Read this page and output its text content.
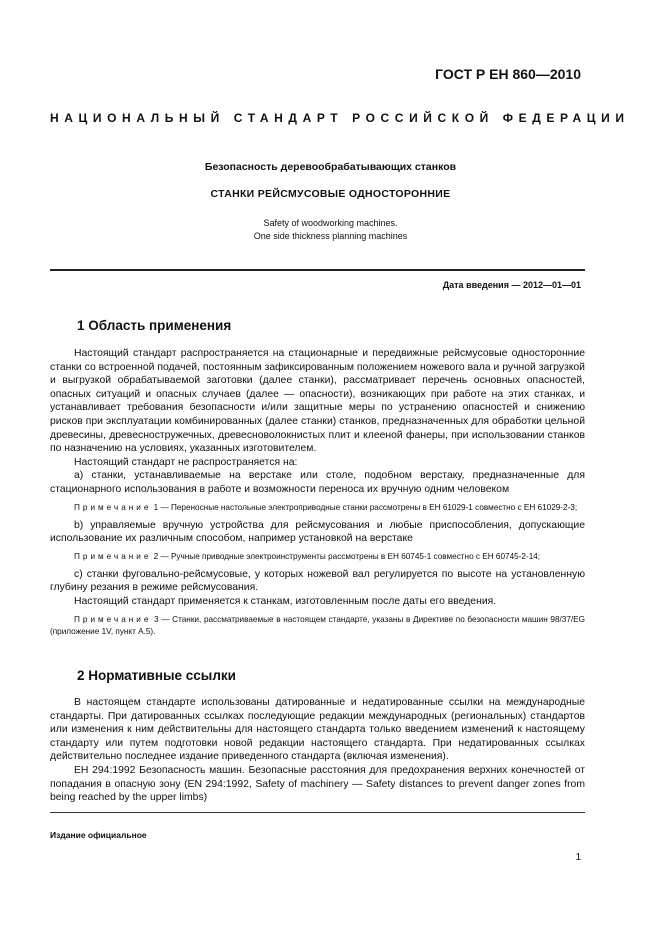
ГОСТ Р ЕН 860—2010
НАЦИОНАЛЬНЫЙ СТАНДАРТ РОССИЙСКОЙ ФЕДЕРАЦИИ
Безопасность деревообрабатывающих станков
СТАНКИ РЕЙСМУСОВЫЕ ОДНОСТОРОННИЕ
Safety of woodworking machines.
One side thickness planning machines
Дата введения — 2012—01—01
1 Область применения

Настоящий стандарт распространяется на стационарные и передвижные рейсмусовые односторонние станки со встроенной подачей, постоянным зафиксированным положением ножевого вала и ручной загрузкой и выгрузкой обрабатываемой заготовки (далее станки), рассматривает перечень основных опасностей, опасных ситуаций и опасных случаев (далее — опасности), возникающих при работе на этих станках, и устанавливает требования безопасности и/или защитные меры по устранению опасностей и снижению рисков при эксплуатации комбинированных (далее станки) станков, предназначенных для обработки цельной древесины, древесностружечных, древесноволокнистых плит и клееной фанеры, при использовании станков по назначению на условиях, указанных изготовителем.

Настоящий стандарт не распространяется на:

а) станки, устанавливаемые на верстаке или столе, подобном верстаку, предназначенные для стационарного использования в работе и возможности переноса их вручную одним человеком

Примечание 1 — Переносные настольные электроприводные станки рассмотрены в ЕН 61029-1 совместно с ЕН 61029-2-3;

b) управляемые вручную устройства для рейсмусования и любые приспособления, допускающие использование их различным способом, например установкой на верстаке

Примечание 2 — Ручные приводные электроинструменты рассмотрены в ЕН 60745-1 совместно с ЕН 60745-2-14;

с) станки фуговально-рейсмусовые, у которых ножевой вал регулируется по высоте на установленную глубину резания в режиме рейсмусования.

Настоящий стандарт применяется к станкам, изготовленным после даты его введения.

Примечание 3 — Станки, рассматриваемые в настоящем стандарте, указаны в Директиве по безопасности машин 98/37/EG (приложение 1V, пункт A.5).

2 Нормативные ссылки

В настоящем стандарте использованы датированные и недатированные ссылки на международные стандарты. При датированных ссылках последующие редакции международных (региональных) стандартов или изменения к ним действительны для настоящего стандарта только введением изменений к настоящему стандарту или путем подготовки новой редакции настоящего стандарта. При недатированных ссылках действительно последнее издание приведенного стандарта (включая изменения).

ЕН 294:1992 Безопасность машин. Безопасные расстояния для предохранения верхних конечностей от попадания в опасную зону (EN 294:1992, Safety of machinery — Safety distances to prevent danger zones from being reached by the upper limbs)

Издание официальное
1
